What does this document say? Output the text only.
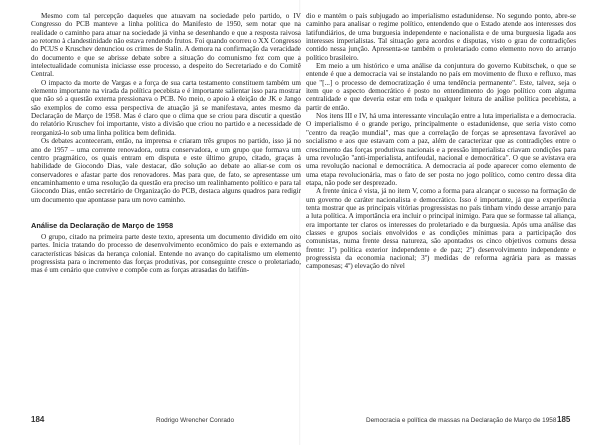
Mesmo com tal percepção daqueles que atuavam na sociedade pelo partido, o IV Congresso do PCB manteve a linha política do Manifesto de 1950, sem notar que na realidade o caminho para atuar na sociedade já vinha se desenhando e que a resposta raivosa ao retorno à clandestinidade não estava rendendo frutos. Foi quando ocorreu o XX Congresso do PCUS e Kruschev denunciou os crimes de Stalin. A demora na confirmação da veracidade do documento e que se abrisse debate sobre a situação do comunismo fez com que a intelectualidade comunista iniciasse esse processo, a despeito do Secretariado e do Comitê Central.

O impacto da morte de Vargas e a força de sua carta testamento constituem também um elemento importante na virada da política pecebista e é importante salientar isso para mostrar que não só a questão externa pressionava o PCB. No meio, o apoio à eleição de JK e Jango são exemplos de como essa perspectiva de atuação já se manifestava, antes mesmo da Declaração de Março de 1958. Mas é claro que o clima que se criou para discutir a questão do relatório Kruschev foi importante, visto a divisão que criou no partido e a necessidade de reorganizá-lo sob uma linha política bem definida.

Os debates aconteceram, então, na imprensa e criaram três grupos no partido, isso já no ano de 1957 – uma corrente renovadora, outra conservadora, e um grupo que formava um centro pragmático, os quais entram em disputa e este último grupo, citado, graças à habilidade de Giocondo Dias, vale destacar, dão solução ao debate ao aliar-se com os conservadores e afastar parte dos renovadores. Mas para que, de fato, se apresentasse um encaminhamento e uma resolução da questão era preciso um realinhamento político e para tal Giocondo Dias, então secretário de Organização do PCB, destaca alguns quadros para redigir um documento que apontasse para um novo caminho.

Análise da Declaração de Março de 1958

O grupo, citado na primeira parte deste texto, apresenta um documento dividido em oito partes. Inicia tratando do processo de desenvolvimento econômico do país e externando as características básicas da herança colonial. Entende no avanço do capitalismo um elemento progressista para o incremento das forças produtivas, por conseguinte cresce o proletariado, mas é um cenário que convive e compõe com as forças atrasadas do latifún-

dio e mantém o país subjugado ao imperialismo estadunidense. No segundo ponto, abre-se caminho para analisar o regime político, entendendo que o Estado atende aos interesses dos latifundiários, de uma burguesia independente e nacionalista e de uma burguesia ligada aos interesses imperialistas. Tal situação gera acordos e disputas, visto o grau de contradições contido nessa junção. Apresenta-se também o proletariado como elemento novo do arranjo político brasileiro.

Em meio a um histórico e uma análise da conjuntura do governo Kubitschek, o que se entende é que a democracia vai se instalando no país em movimento de fluxo e refluxo, mas que "[...] o processo de democratização é uma tendência permanente". Este, talvez, seja o item que o aspecto democrático é posto no entendimento do jogo político com alguma centralidade e que deveria estar em toda e qualquer leitura de análise política pecebista, a partir de então.

Nos itens III e IV, há uma interessante vinculação entre a luta imperialista e a democracia. O imperialismo é o grande perigo, principalmente o estadunidense, que seria visto como "centro da reação mundial", mas que a correlação de forças se apresentava favorável ao socialismo e aos que estavam com a paz, além de caracterizar que as contradições entre o crescimento das forças produtivas nacionais e a pressão imperialista criavam condições para uma revolução "anti-imperialista, antifeudal, nacional e democrática". O que se avistava era uma revolução nacional e democrática. A democracia aí pode aparecer como elemento de uma etapa revolucionária, mas o fato de ser posta no jogo político, como centro dessa dita etapa, não pode ser desprezado.

A frente única é vista, já no item V, como a forma para alcançar o sucesso na formação de um governo de caráter nacionalista e democrático. Isso é importante, já que a experiência tenta mostrar que as principais vitórias progressistas no país tinham vindo desse arranjo para a luta política. A importância era incluir o principal inimigo. Para que se formasse tal aliança, era importante ter claros os interesses do proletariado e da burguesia. Após uma análise das classes e grupos sociais envolvidos e as condições mínimas para a participação dos comunistas, numa frente dessa natureza, são apontados os cinco objetivos comuns dessa frente: 1º) política exterior independente e de paz; 2º) desenvolvimento independente e progressista da economia nacional; 3º) medidas de reforma agrária para as massas camponesas; 4º) elevação do nível

184	Rodrigo Wrencher Conrado	Democracia e política de massas na Declaração de Março de 1958 185
